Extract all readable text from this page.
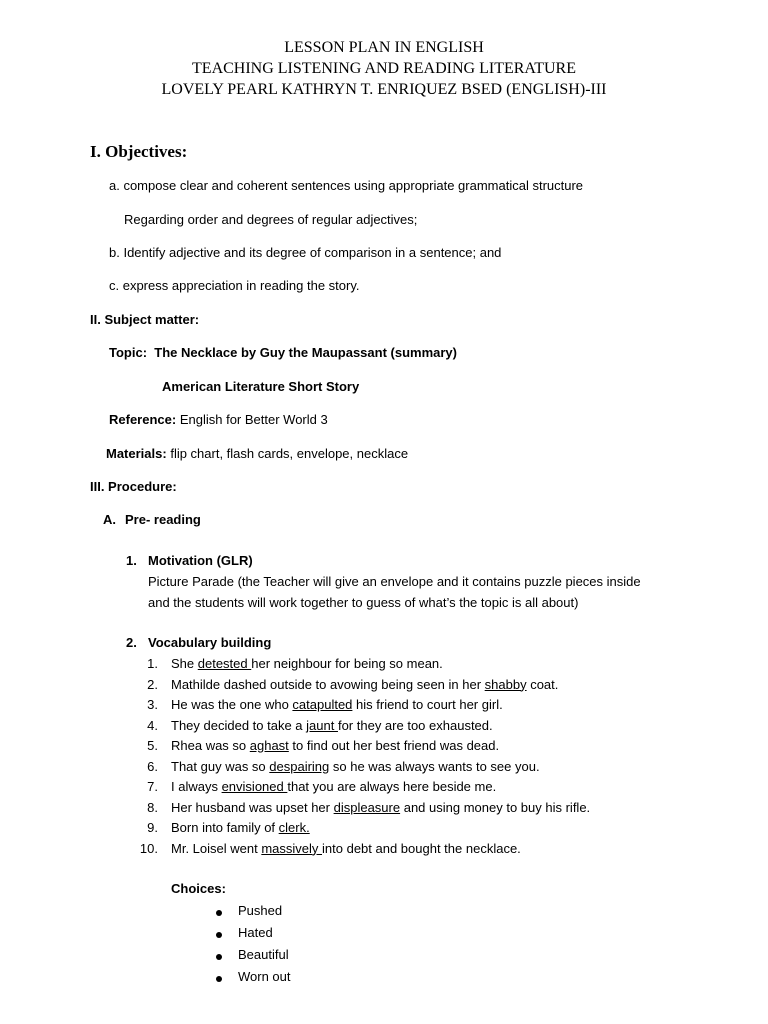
LESSON PLAN IN ENGLISH
TEACHING LISTENING AND READING LITERATURE
LOVELY PEARL KATHRYN T. ENRIQUEZ BSED (ENGLISH)-III
I. Objectives:
a. compose clear and coherent sentences using appropriate grammatical structure
Regarding order and degrees of regular adjectives;
b. Identify adjective and its degree of comparison in a sentence; and
c. express appreciation in reading the story.
II. Subject matter:
Topic: The Necklace by Guy the Maupassant (summary)
American Literature Short Story
Reference: English for Better World 3
Materials: flip chart, flash cards, envelope, necklace
III. Procedure:
A. Pre- reading
1. Motivation (GLR)
Picture Parade (the Teacher will give an envelope and it contains puzzle pieces inside
and the students will work together to guess of what’s the topic is all about)
2. Vocabulary building
1. She detested her neighbour for being so mean.
2. Mathilde dashed outside to avowing being seen in her shabby coat.
3. He was the one who catapulted his friend to court her girl.
4. They decided to take a jaunt for they are too exhausted.
5. Rhea was so aghast to find out her best friend was dead.
6. That guy was so despairing so he was always wants to see you.
7. I always envisioned that you are always here beside me.
8. Her husband was upset her displeasure and using money to buy his rifle.
9. Born into family of clerk.
10. Mr. Loisel went massively into debt and bought the necklace.
Choices:
Pushed
Hated
Beautiful
Worn out
